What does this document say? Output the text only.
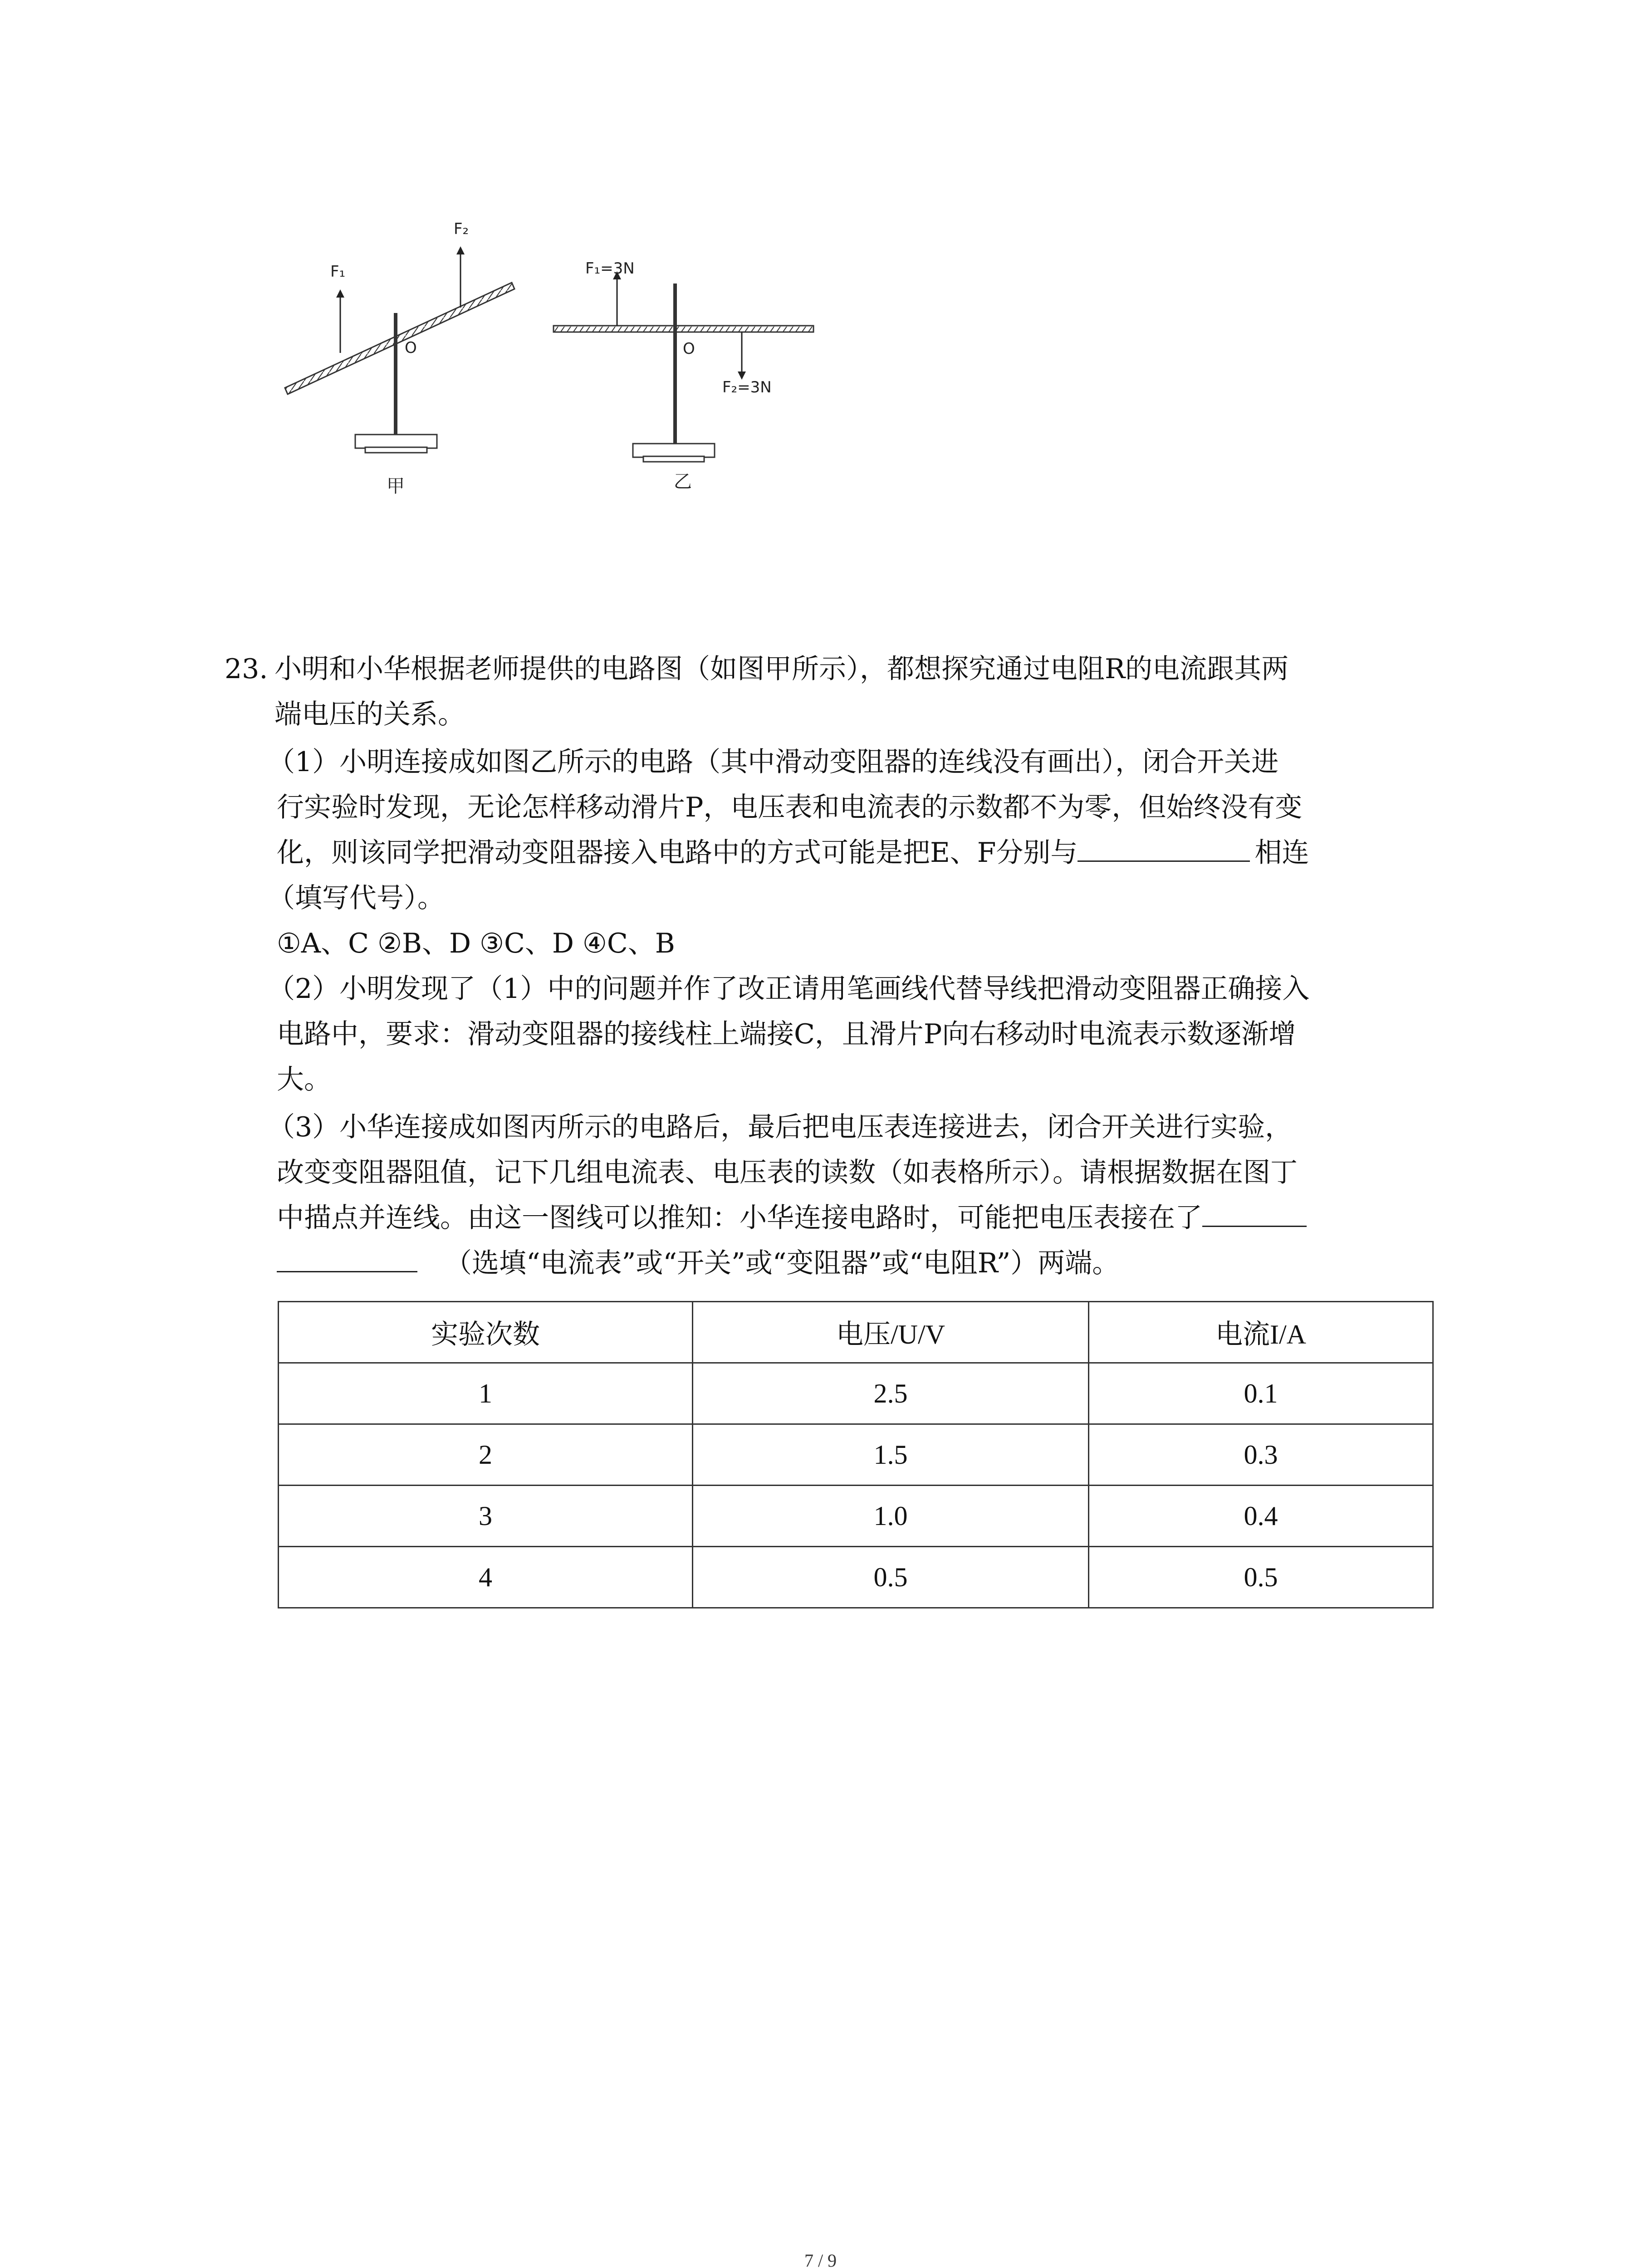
F₁
F₂
O
甲
F₁=3N
F₂=3N
O
乙
23. 小明和小华根据老师提供的电路图（如图甲所示），都想探究通过电阻R的电流跟其两
端电压的关系。
（1）小明连接成如图乙所示的电路（其中滑动变阻器的连线没有画出），闭合开关进
行实验时发现，无论怎样移动滑片P，电压表和电流表的示数都不为零，但始终没有变
化，则该同学把滑动变阻器接入电路中的方式可能是把E、F分别与	相连
（填写代号）。
①A、C ②B、D ③C、D ④C、B
（2）小明发现了（1）中的问题并作了改正请用笔画线代替导线把滑动变阻器正确接入
电路中，要求：滑动变阻器的接线柱上端接C，且滑片P向右移动时电流表示数逐渐增
大。
（3）小华连接成如图丙所示的电路后，最后把电压表连接进去，闭合开关进行实验，
改变变阻器阻值，记下几组电流表、电压表的读数（如表格所示）。请根据数据在图丁
中描点并连线。由这一图线可以推知：小华连接电路时，可能把电压表接在了
（选填“电流表”或“开关”或“变阻器”或“电阻R”）两端。
实验次数	电压/U/V	电流I/A
1	2.5	0.1
2	1.5	0.3
3	1.0	0.4
4	0.5	0.5
7 / 9
